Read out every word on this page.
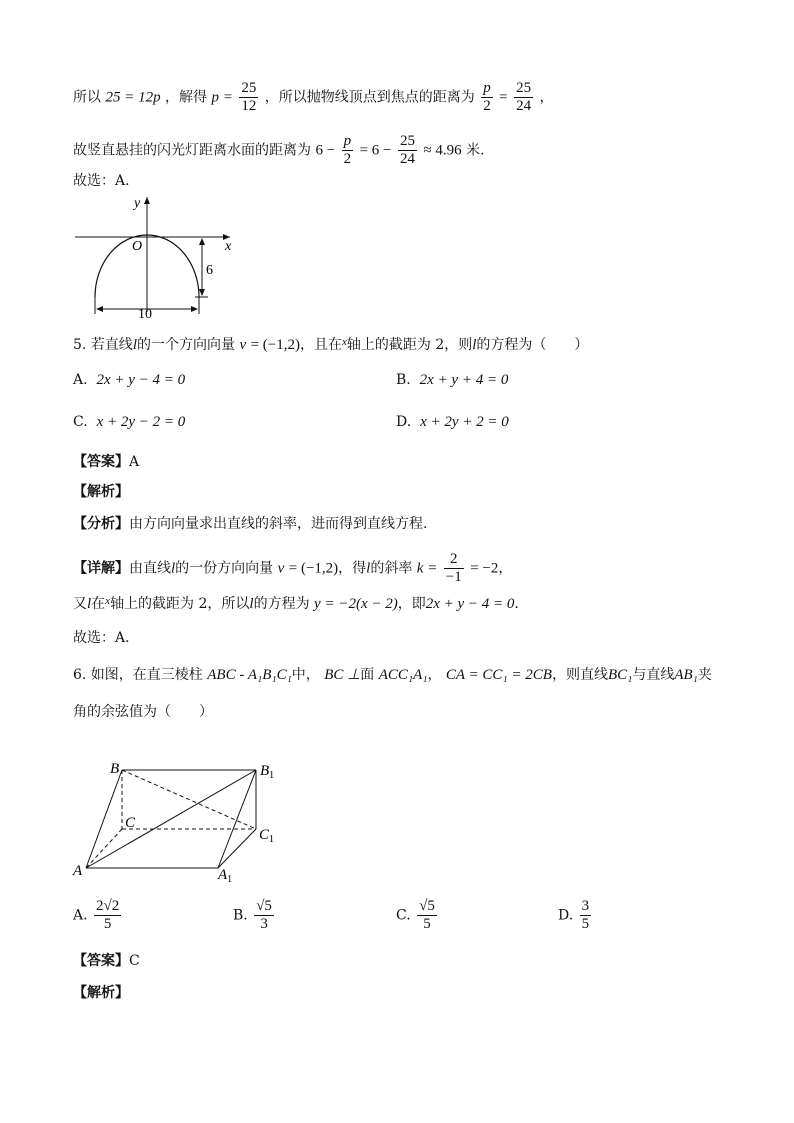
所以 25 = 12p ，解得 $p = \frac{25}{12}$ ，所以抛物线顶点到焦点的距离为 $\frac{p}{2} = \frac{25}{24}$ ，
故竖直悬挂的闪光灯距离水面的距离为 $6 - \frac{p}{2} = 6 - \frac{25}{24} \approx 4.96$ 米.
故选：A.
y
x
O
6
10
5. 若直线l的一个方向向量 v = (−1,2)，且在$^x$轴上的截距为 2，则l的方程为（　　）
A. 2x + y − 4 = 0	B. 2x + y + 4 = 0
C. x + 2y − 2 = 0	D. x + 2y + 2 = 0
【答案】A
【解析】
【分析】由方向向量求出直线的斜率，进而得到直线方程.
【详解】由直线l的一份方向向量 v = (−1,2)，得l的斜率 $k = \frac{2}{-1} = -2$，
又l在$^x$轴上的截距为 2，所以l的方程为 y = −2(x − 2)，即2x + y − 4 = 0.
故选：A.
6. 如图，在直三棱柱 ABC - A₁B₁C₁中， BC ⊥面 ACC₁A₁， CA = CC₁ = 2CB，则直线BC₁与直线AB₁夹
角的余弦值为（　　）
B	$B_1$
C
$C_1$
A	$A_1$
A. $\frac{2√2}{5}$	B. $\frac{√5}{3}$	C. $\frac{√5}{5}$	D. $\frac{3}{5}$
【答案】C
【解析】
